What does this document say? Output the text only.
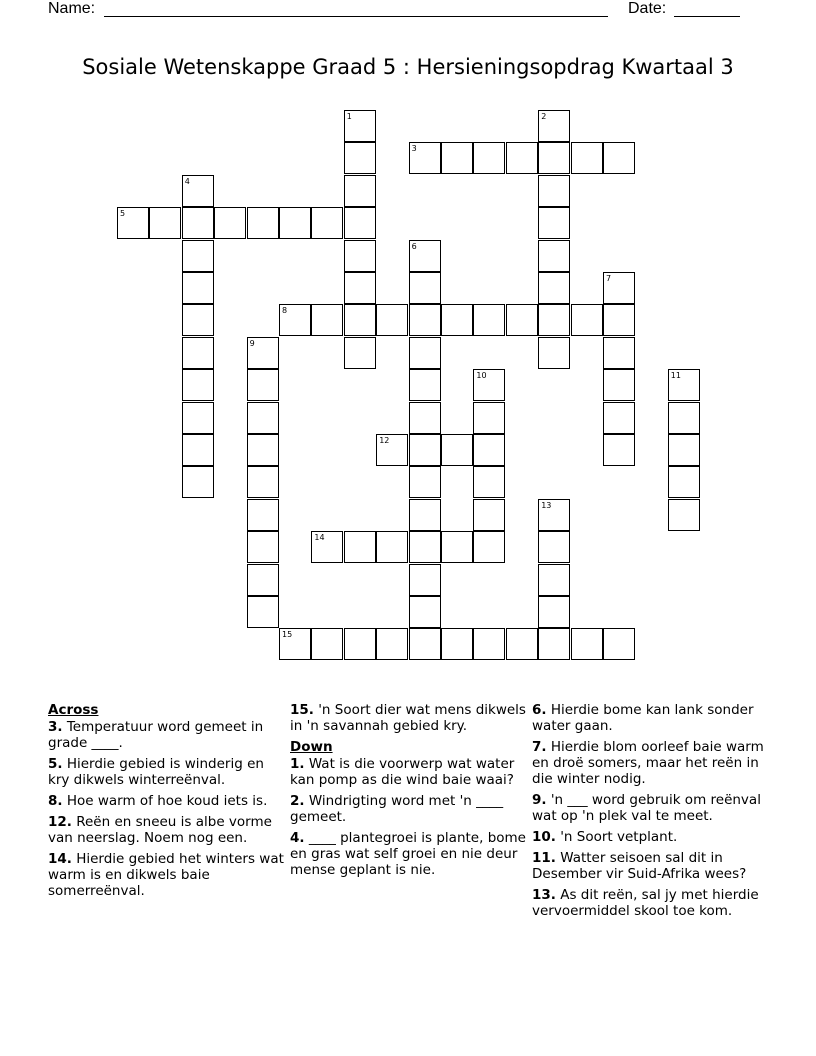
Name:	Date:
Sosiale Wetenskappe Graad 5 : Hersieningsopdrag Kwartaal 3
1	2
3
4
5
6
7
8
9
10	11
12
13
14
15
Across
3. Temperatuur word gemeet in grade ____.
5. Hierdie gebied is winderig en kry dikwels winterreënval.
8. Hoe warm of hoe koud iets is.
12. Reën en sneeu is albe vorme van neerslag. Noem nog een.
14. Hierdie gebied het winters wat warm is en dikwels baie somerreënval.
15. 'n Soort dier wat mens dikwels in 'n savannah gebied kry.
Down
1. Wat is die voorwerp wat water kan pomp as die wind baie waai?
2. Windrigting word met 'n ____ gemeet.
4. ____ plantegroei is plante, bome en gras wat self groei en nie deur mense geplant is nie.
6. Hierdie bome kan lank sonder water gaan.
7. Hierdie blom oorleef baie warm en droë somers, maar het reën in die winter nodig.
9. 'n ___ word gebruik om reënval wat op 'n plek val te meet.
10. 'n Soort vetplant.
11. Watter seisoen sal dit in Desember vir Suid-Afrika wees?
13. As dit reën, sal jy met hierdie vervoermiddel skool toe kom.
